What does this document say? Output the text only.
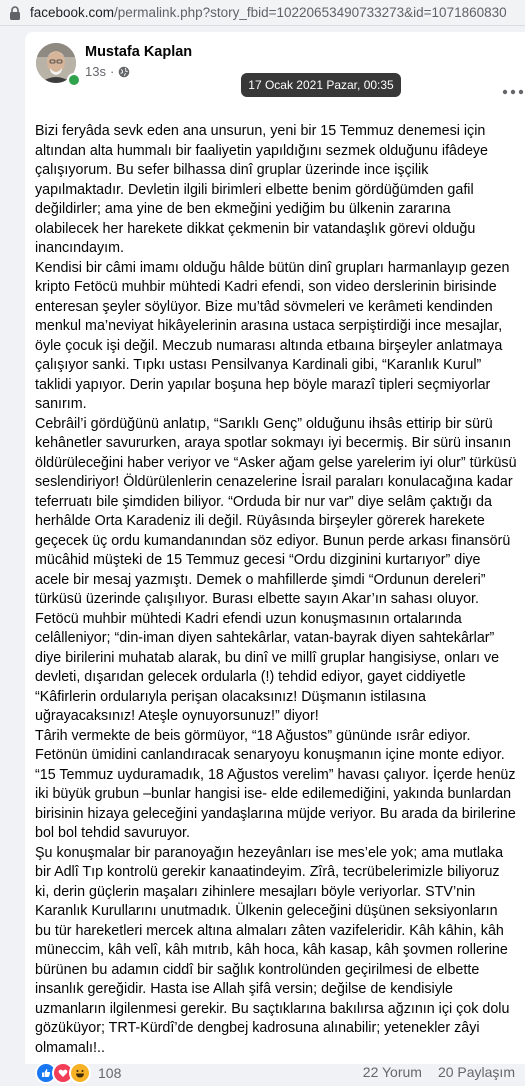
facebook.com/permalink.php?story_fbid=10220653490733273&id=1071860830
Mustafa Kaplan
13s ·
17 Ocak 2021 Pazar, 00:35

Bizi feryâda sevk eden ana unsurun, yeni bir 15 Temmuz denemesi için altından alta hummalı bir faaliyetin yapıldığını sezmek olduğunu ifâdeye çalışıyorum. Bu sefer bilhassa dinî gruplar üzerinde ince işçilik yapılmaktadır. Devletin ilgili birimleri elbette benim gördüğümden gafil değildirler; ama yine de ben ekmeğini yediğim bu ülkenin zararına olabilecek her harekete dikkat çekmenin bir vatandaşlık görevi olduğu inancındayım.

Kendisi bir câmi imamı olduğu hâlde bütün dinî grupları harmanlayıp gezen kripto Fetöcü muhbir mühtedi Kadri efendi, son video derslerinin birisinde enteresan şeyler söylüyor. Bize mu’tâd sövmeleri ve kerâmeti kendinden menkul ma’neviyat hikâyelerinin arasına ustaca serpiştirdiği ince mesajlar, öyle çocuk işi değil. Meczub numarası altında etbaına birşeyler anlatmaya çalışıyor sanki. Tıpkı ustası Pensilvanya Kardinali gibi, “Karanlık Kurul” taklidi yapıyor. Derin yapılar boşuna hep böyle marazî tipleri seçmiyorlar sanırım.

Cebrâil’i gördüğünü anlatıp, “Sarıklı Genç” olduğunu ihsâs ettirip bir sürü kehânetler savururken, araya spotlar sokmayı iyi becermiş. Bir sürü insanın öldürüleceğini haber veriyor ve “Asker ağam gelse yarelerim iyi olur” türküsü seslendiriyor! Öldürülenlerin cenazelerine İsrail paraları konulacağına kadar teferruatı bile şimdiden biliyor. “Orduda bir nur var” diye selâm çaktığı da herhâlde Orta Karadeniz ili değil. Rüyâsında birşeyler görerek harekete geçecek üç ordu kumandanından söz ediyor. Bunun perde arkası finansörü mücâhid müşteki de 15 Temmuz gecesi “Ordu dizginini kurtarıyor” diye acele bir mesaj yazmıştı. Demek o mahfillerde şimdi “Ordunun dereleri” türküsü üzerinde çalışılıyor. Burası elbette sayın Akar’ın sahası oluyor.

Fetöcü muhbir mühtedi Kadri efendi uzun konuşmasının ortalarında celâlleniyor; “din-iman diyen sahtekârlar, vatan-bayrak diyen sahtekârlar” diye birilerini muhatab alarak, bu dinî ve millî gruplar hangisiyse, onları ve devleti, dışarıdan gelecek ordularla (!) tehdid ediyor, gayet ciddiyetle “Kâfirlerin ordularıyla perişan olacaksınız! Düşmanın istilasına uğrayacaksınız! Ateşle oynuyorsunuz!” diyor!

Târih vermekte de beis görmüyor, “18 Ağustos” gününde ısrâr ediyor. Fetönün ümidini canlandıracak senaryoyu konuşmanın içine monte ediyor. “15 Temmuz uyduramadık, 18 Ağustos verelim” havası çalıyor. İçerde henüz iki büyük grubun –bunlar hangisi ise- elde edilemediğini, yakında bunlardan birisinin hizaya geleceğini yandaşlarına müjde veriyor. Bu arada da birilerine bol bol tehdid savuruyor.

Şu konuşmalar bir paranoyağın hezeyânları ise mes’ele yok; ama mutlaka bir Adlî Tıp kontrolü gerekir kanaatindeyim. Zîrâ, tecrübelerimizle biliyoruz ki, derin güçlerin maşaları zihinlere mesajları böyle veriyorlar. STV’nin Karanlık Kurullarını unutmadık. Ülkenin geleceğini düşünen seksiyonların bu tür hareketleri mercek altına almaları zâten vazifeleridir. Kâh kâhin, kâh müneccim, kâh velî, kâh mıtrıb, kâh hoca, kâh kasap, kâh şovmen rollerine bürünen bu adamın ciddî bir sağlık kontrolünden geçirilmesi de elbette insanlık gereğidir. Hasta ise Allah şifâ versin; değilse de kendisiyle uzmanların ilgilenmesi gerekir. Bu saçtıklarına bakılırsa ağzının içi çok dolu gözüküyor; TRT-Kürdî’de dengbej kadrosuna alınabilir; yetenekler zâyi olmamalı!..

108	22 Yorum 20 Paylaşım
